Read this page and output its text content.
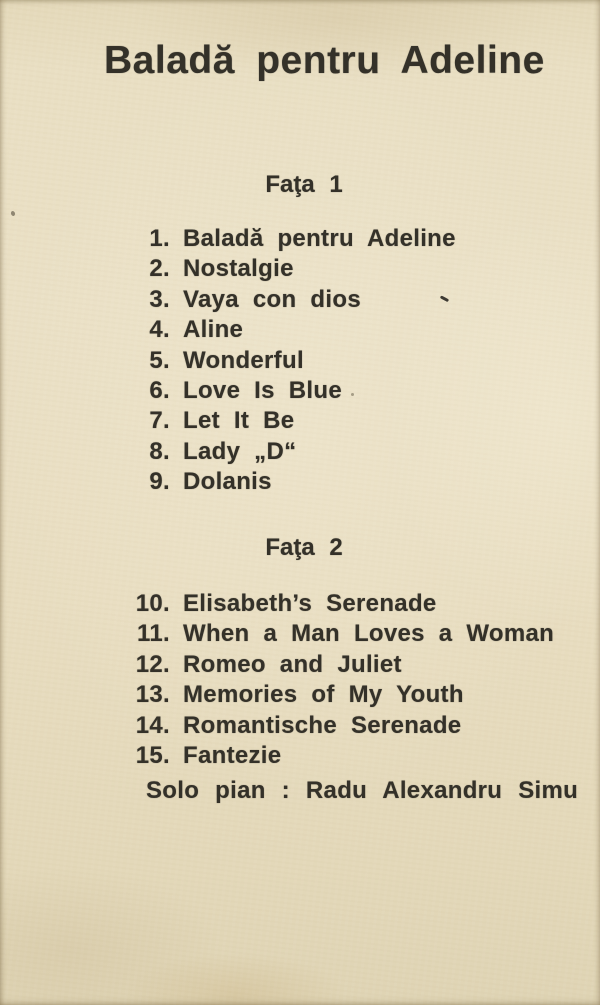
Baladă pentru Adeline
Faţa 1
1. Baladă pentru Adeline
2. Nostalgie
3. Vaya con dios
4. Aline
5. Wonderful
6. Love Is Blue
7. Let It Be
8. Lady „D“
9. Dolanis
Faţa 2
10. Elisabeth’s Serenade
11. When a Man Loves a Woman
12. Romeo and Juliet
13. Memories of My Youth
14. Romantische Serenade
15. Fantezie

Solo pian : Radu Alexandru Simu
